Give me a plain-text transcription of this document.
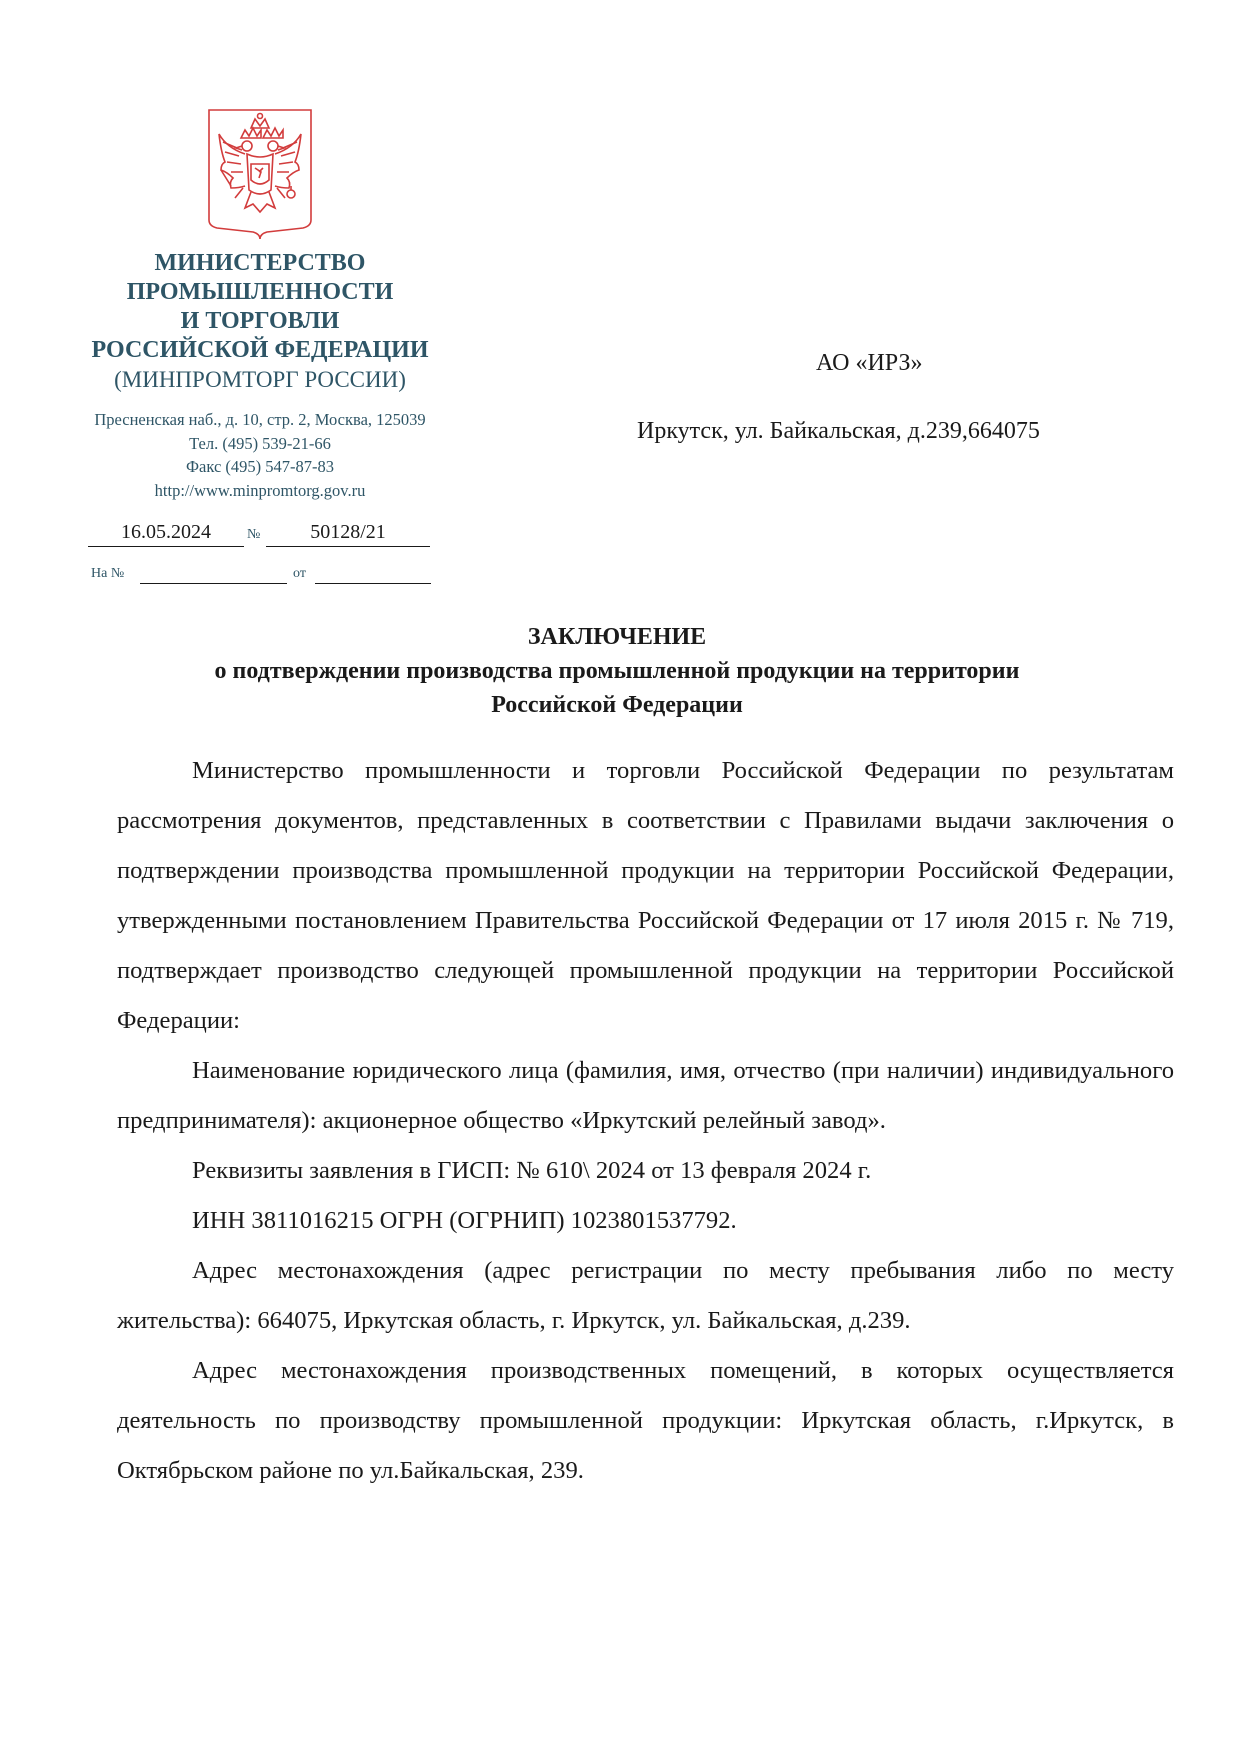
МИНИСТЕРСТВО
ПРОМЫШЛЕННОСТИ
И ТОРГОВЛИ
РОССИЙСКОЙ ФЕДЕРАЦИИ
(МИНПРОМТОРГ РОССИИ)
Пресненская наб., д. 10, стр. 2, Москва, 125039
Тел. (495) 539-21-66
Факс (495) 547-87-83
http://www.minpromtorg.gov.ru
16.05.2024	№	50128/21
На №	от
АО «ИРЗ»
Иркутск, ул. Байкальская, д.239,664075
ЗАКЛЮЧЕНИЕ
о подтверждении производства промышленной продукции на территории
Российской Федерации

Министерство промышленности и торговли Российской Федерации по результатам рассмотрения документов, представленных в соответствии с Правилами выдачи заключения о подтверждении производства промышленной продукции на территории Российской Федерации, утвержденными постановлением Правительства Российской Федерации от 17 июля 2015 г. № 719, подтверждает производство следующей промышленной продукции на территории Российской Федерации:

Наименование юридического лица (фамилия, имя, отчество (при наличии) индивидуального предпринимателя): акционерное общество «Иркутский релейный завод».

Реквизиты заявления в ГИСП: № 610\ 2024 от 13 февраля 2024 г.

ИНН 3811016215 ОГРН (ОГРНИП) 1023801537792.

Адрес местонахождения (адрес регистрации по месту пребывания либо по месту жительства): 664075, Иркутская область, г. Иркутск, ул. Байкальская, д.239.

Адрес местонахождения производственных помещений, в которых осуществляется деятельность по производству промышленной продукции: Иркутская область, г.Иркутск, в Октябрьском районе по ул.Байкальская, 239.
